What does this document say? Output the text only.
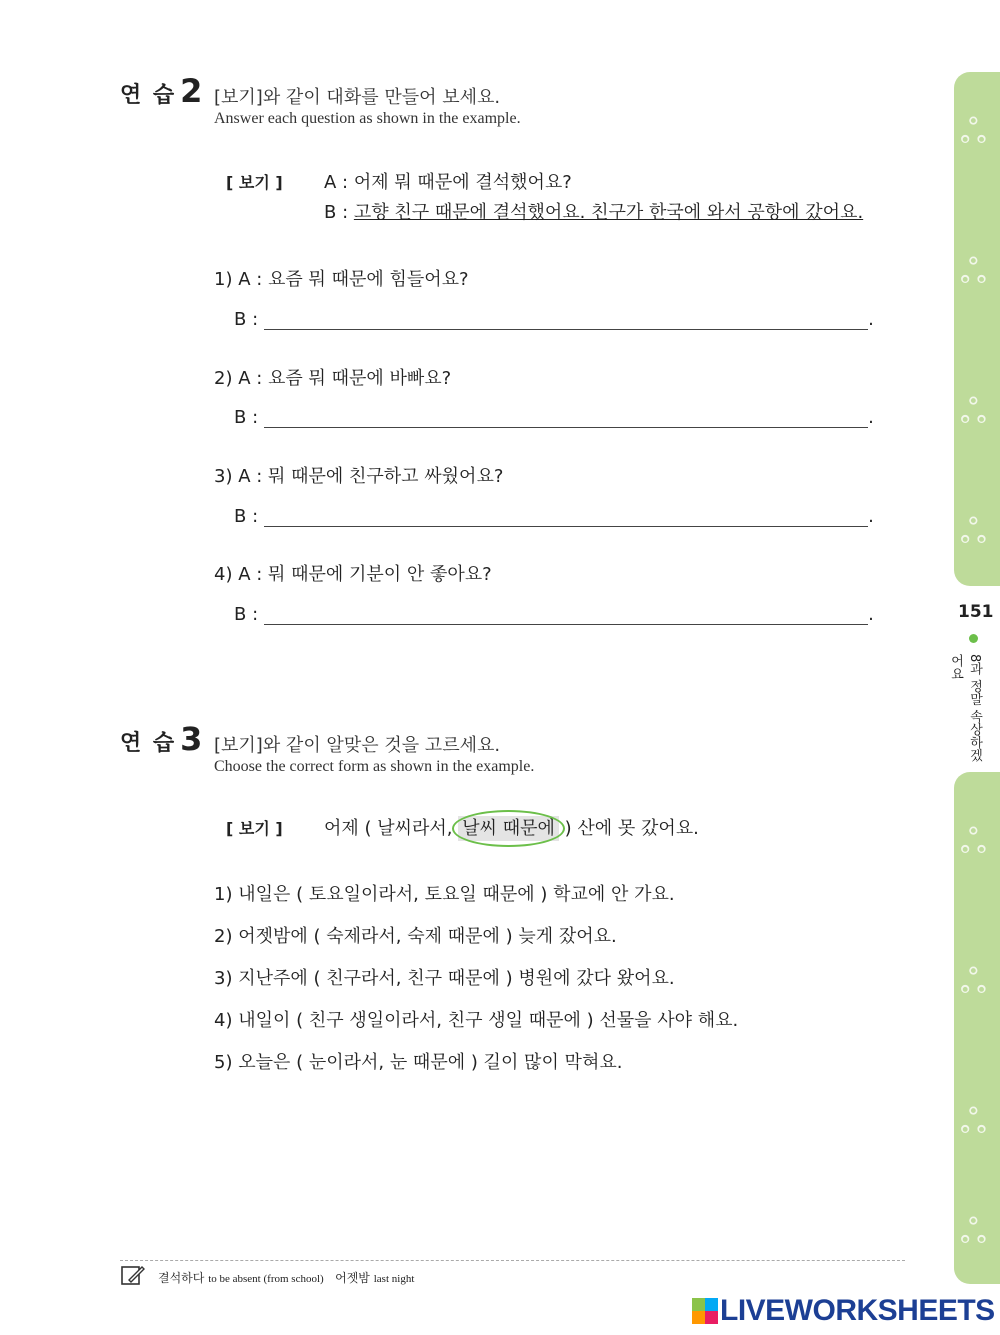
연 습 2 [보기]와 같이 대화를 만들어 보세요.
Answer each question as shown in the example.
[ 보기 ] A : 어제 뭐 때문에 결석했어요?
B : 고향 친구 때문에 결석했어요. 친구가 한국에 와서 공항에 갔어요.
1) A : 요즘 뭐 때문에 힘들어요?
B :	.
2) A : 요즘 뭐 때문에 바빠요?
B :	.
3) A : 뭐 때문에 친구하고 싸웠어요?
B :	.
4) A : 뭐 때문에 기분이 안 좋아요?
B :	.
연 습 3 [보기]와 같이 알맞은 것을 고르세요.
Choose the correct form as shown in the example.
[ 보기 ] 어제 ( 날씨라서, 날씨 때문에
) 산에 못 갔어요.
1) 내일은 ( 토요일이라서, 토요일 때문에 ) 학교에 안 가요.
2) 어젯밤에 ( 숙제라서, 숙제 때문에 ) 늦게 잤어요.
3) 지난주에 ( 친구라서, 친구 때문에 ) 병원에 갔다 왔어요.
4) 내일이 ( 친구 생일이라서, 친구 생일 때문에 ) 선물을 사야 해요.
5) 오늘은 ( 눈이라서, 눈 때문에 ) 길이 많이 막혀요.
ஃ
ஃ
ஃ
ஃ
151
8과 정말 속상하겠어요
ஃ
ஃ
ஃ
ஃ
결석하다 to be absent (from school) 어젯밤 last night
LIVEWORKSHEETS
